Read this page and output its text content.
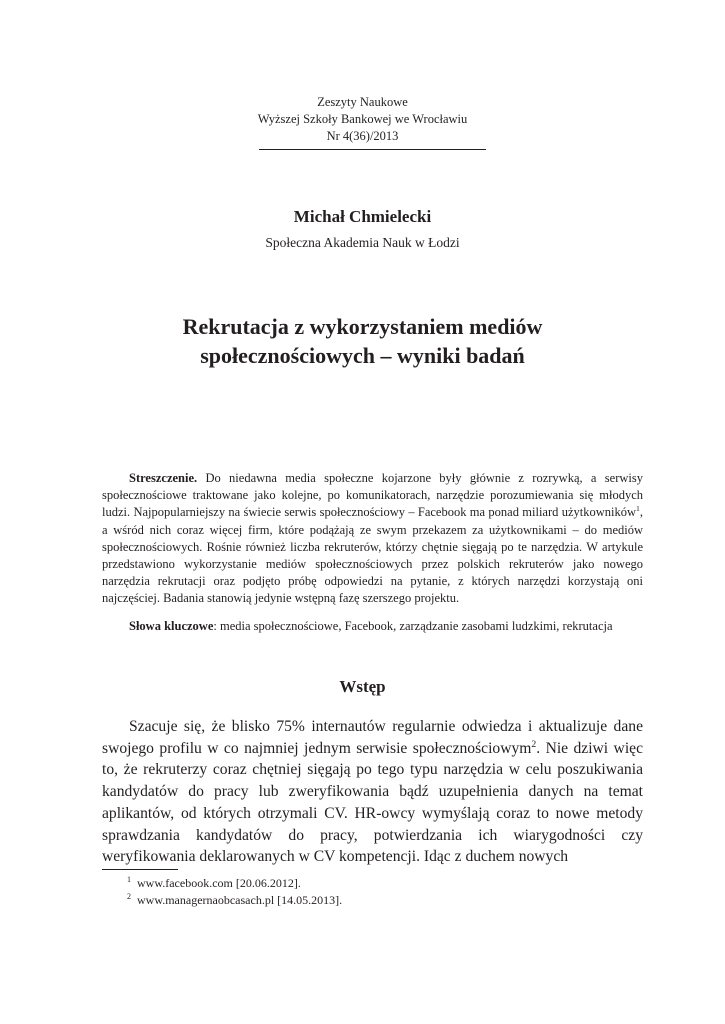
Zeszyty Naukowe
Wyższej Szkoły Bankowej we Wrocławiu
Nr 4(36)/2013
Michał Chmielecki
Społeczna Akademia Nauk w Łodzi
Rekrutacja z wykorzystaniem mediów
społecznościowych – wyniki badań

Streszczenie. Do niedawna media społeczne kojarzone były głównie z rozrywką, a serwisy społecznościowe traktowane jako kolejne, po komunikatorach, narzędzie porozumiewania się młodych ludzi. Najpopularniejszy na świecie serwis społecznościowy – Facebook ma ponad miliard użytkowników$^1$, a wśród nich coraz więcej firm, które podążają ze swym przekazem za użytkownikami – do mediów społecznościowych. Rośnie również liczba rekruterów, którzy chętnie sięgają po te narzędzia. W artykule przedstawiono wykorzystanie mediów społecznościowych przez polskich rekruterów jako nowego narzędzia rekrutacji oraz podjęto próbę odpowiedzi na pytanie, z których narzędzi korzystają oni najczęściej. Badania stanowią jedynie wstępną fazę szerszego projektu.

Słowa kluczowe: media społecznościowe, Facebook, zarządzanie zasobami ludzkimi, rekrutacja

Wstęp

Szacuje się, że blisko 75% internautów regularnie odwiedza i aktualizuje dane swojego profilu w co najmniej jednym serwisie społecznościowym$^2$. Nie dziwi więc to, że rekruterzy coraz chętniej sięgają po tego typu narzędzia w celu poszukiwania kandydatów do pracy lub zweryfikowania bądź uzupełnienia danych na temat aplikantów, od których otrzymali CV. HR-owcy wymyślają coraz to nowe metody sprawdzania kandydatów do pracy, potwierdzania ich wiarygodności czy weryfikowania deklarowanych w CV kompetencji. Idąc z duchem nowych

$^1$ www.facebook.com [20.06.2012].
$^2$ www.managernaobcasach.pl [14.05.2013].
